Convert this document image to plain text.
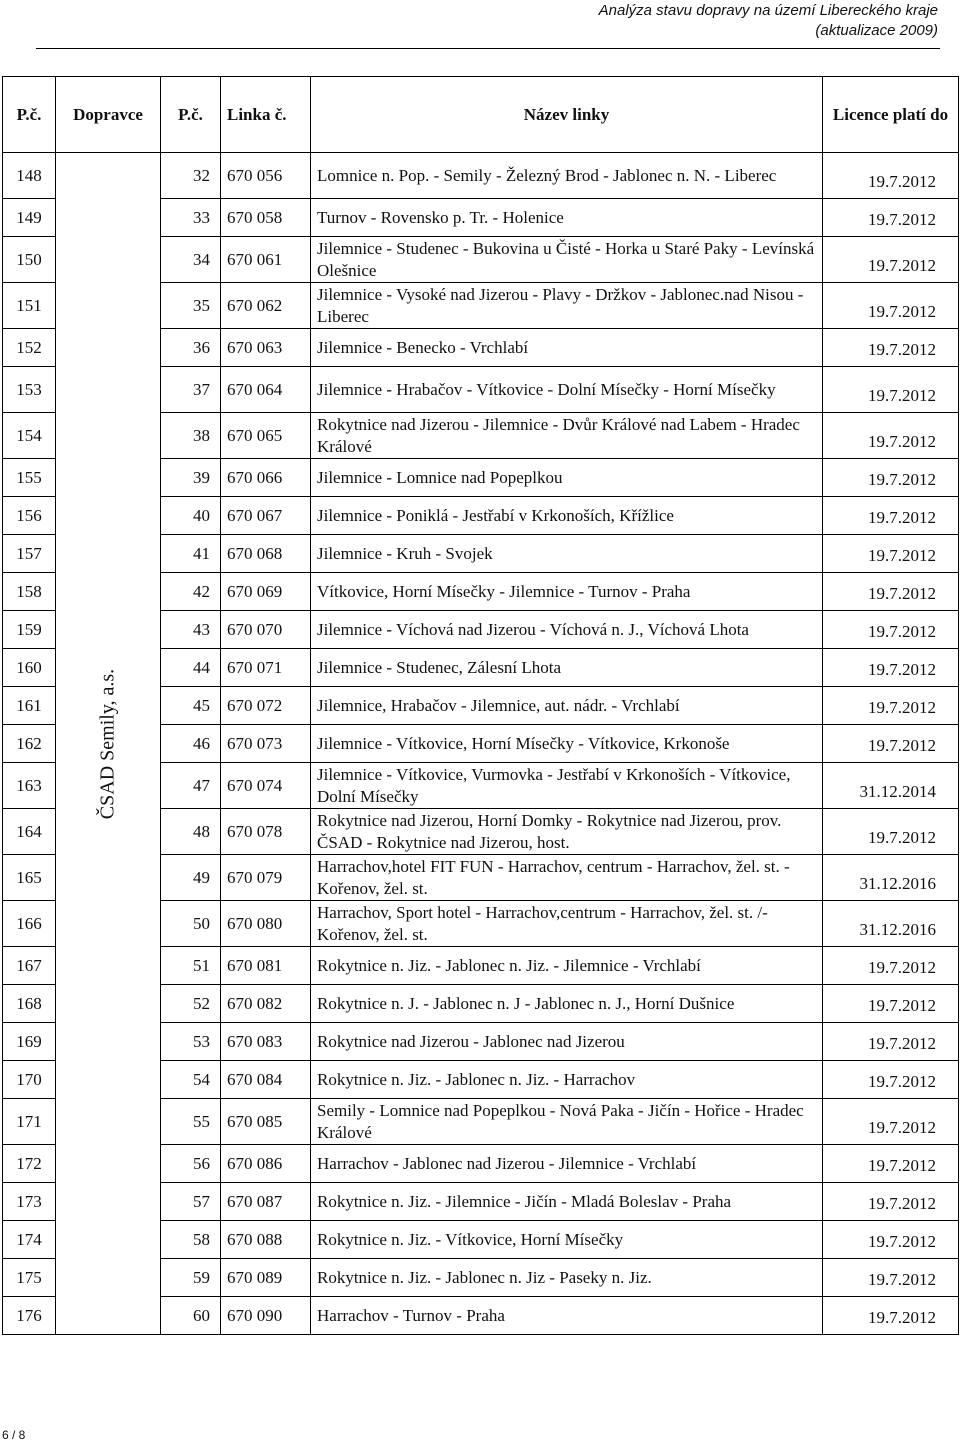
Analýza stavu dopravy na území Libereckého kraje
(aktualizace 2009)
P.č.	Dopravce	P.č.	Linka č.	Název linky	Licence platí do
148	ČSAD Semily, a.s.	32	670 056	Lomnice n. Pop. - Semily - Železný Brod - Jablonec n. N. - Liberec	19.7.2012
149		33	670 058	Turnov - Rovensko p. Tr. - Holenice	19.7.2012
150		34	670 061	Jilemnice - Studenec - Bukovina u Čisté - Horka u Staré Paky - Levínská Olešnice	19.7.2012
151		35	670 062	Jilemnice - Vysoké nad Jizerou - Plavy - Držkov - Jablonec.nad Nisou - Liberec	19.7.2012
152		36	670 063	Jilemnice - Benecko - Vrchlabí	19.7.2012
153		37	670 064	Jilemnice - Hrabačov - Vítkovice - Dolní Mísečky - Horní Mísečky	19.7.2012
154		38	670 065	Rokytnice nad Jizerou - Jilemnice - Dvůr Králové nad Labem - Hradec Králové	19.7.2012
155		39	670 066	Jilemnice - Lomnice nad Popeplkou	19.7.2012
156		40	670 067	Jilemnice - Poniklá - Jestřabí v Krkonoších, Křížlice	19.7.2012
157		41	670 068	Jilemnice - Kruh - Svojek	19.7.2012
158		42	670 069	Vítkovice, Horní Mísečky - Jilemnice - Turnov - Praha	19.7.2012
159		43	670 070	Jilemnice - Víchová nad Jizerou - Víchová n. J., Víchová Lhota	19.7.2012
160		44	670 071	Jilemnice - Studenec, Zálesní Lhota	19.7.2012
161		45	670 072	Jilemnice, Hrabačov - Jilemnice, aut. nádr. - Vrchlabí	19.7.2012
162		46	670 073	Jilemnice - Vítkovice, Horní Mísečky - Vítkovice, Krkonoše	19.7.2012
163		47	670 074	Jilemnice - Vítkovice, Vurmovka - Jestřabí v Krkonoších - Vítkovice, Dolní Mísečky	31.12.2014
164		48	670 078	Rokytnice nad Jizerou, Horní Domky - Rokytnice nad Jizerou, prov. ČSAD - Rokytnice nad Jizerou, host.	19.7.2012
165		49	670 079	Harrachov,hotel FIT FUN - Harrachov, centrum - Harrachov, žel. st. - Kořenov, žel. st.	31.12.2016
166		50	670 080	Harrachov, Sport hotel - Harrachov,centrum - Harrachov, žel. st. /- Kořenov, žel. st.	31.12.2016
167		51	670 081	Rokytnice n. Jiz. - Jablonec n. Jiz. - Jilemnice - Vrchlabí	19.7.2012
168		52	670 082	Rokytnice n. J. - Jablonec n. J - Jablonec n. J., Horní Dušnice	19.7.2012
169		53	670 083	Rokytnice nad Jizerou - Jablonec nad Jizerou	19.7.2012
170		54	670 084	Rokytnice n. Jiz. - Jablonec n. Jiz. - Harrachov	19.7.2012
171		55	670 085	Semily - Lomnice nad Popeplkou - Nová Paka - Jičín - Hořice - Hradec Králové	19.7.2012
172		56	670 086	Harrachov - Jablonec nad Jizerou - Jilemnice - Vrchlabí	19.7.2012
173		57	670 087	Rokytnice n. Jiz. - Jilemnice - Jičín - Mladá Boleslav - Praha	19.7.2012
174		58	670 088	Rokytnice n. Jiz. - Vítkovice, Horní Mísečky	19.7.2012
175		59	670 089	Rokytnice n. Jiz. - Jablonec n. Jiz - Paseky n. Jiz.	19.7.2012
176		60	670 090	Harrachov - Turnov - Praha	19.7.2012
6 / 8
